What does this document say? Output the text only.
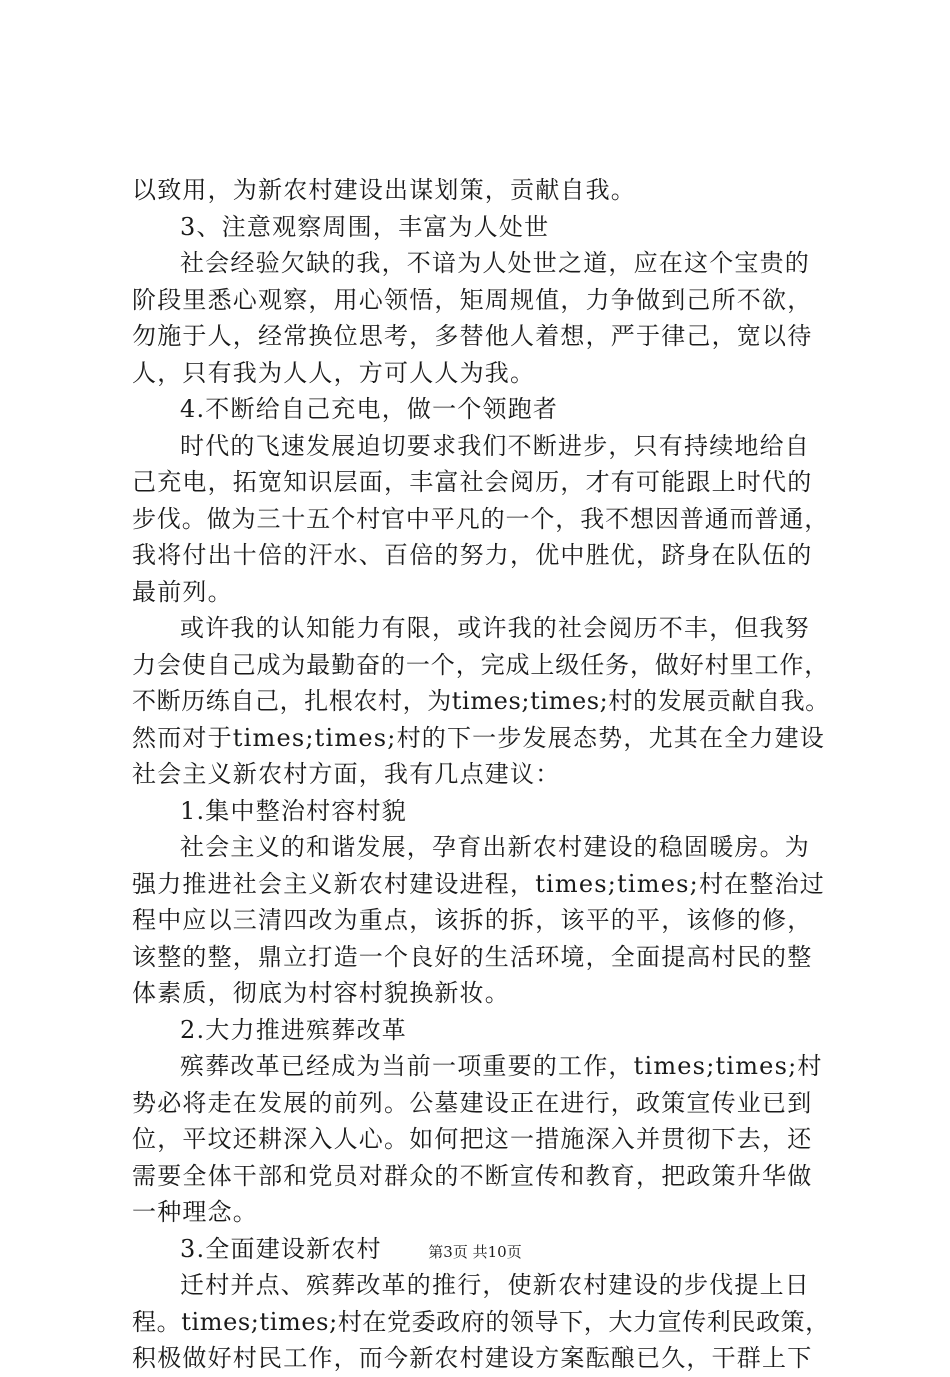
以致用，为新农村建设出谋划策，贡献自我。
3、注意观察周围，丰富为人处世
社会经验欠缺的我，不谙为人处世之道，应在这个宝贵的
阶段里悉心观察，用心领悟，矩周规值，力争做到己所不欲，
勿施于人，经常换位思考，多替他人着想，严于律己，宽以待
人，只有我为人人，方可人人为我。
4.不断给自己充电，做一个领跑者
时代的飞速发展迫切要求我们不断进步，只有持续地给自
己充电，拓宽知识层面，丰富社会阅历，才有可能跟上时代的
步伐。做为三十五个村官中平凡的一个，我不想因普通而普通，
我将付出十倍的汗水、百倍的努力，优中胜优，跻身在队伍的
最前列。
或许我的认知能力有限，或许我的社会阅历不丰，但我努
力会使自己成为最勤奋的一个，完成上级任务，做好村里工作，
不断历练自己，扎根农村，为times;times;村的发展贡献自我。
然而对于times;times;村的下一步发展态势，尤其在全力建设
社会主义新农村方面，我有几点建议：
1.集中整治村容村貌
社会主义的和谐发展，孕育出新农村建设的稳固暖房。为
强力推进社会主义新农村建设进程，times;times;村在整治过
程中应以三清四改为重点，该拆的拆，该平的平，该修的修，
该整的整，鼎立打造一个良好的生活环境，全面提高村民的整
体素质，彻底为村容村貌换新妆。
2.大力推进殡葬改革
殡葬改革已经成为当前一项重要的工作，times;times;村
势必将走在发展的前列。公墓建设正在进行，政策宣传业已到
位，平坟还耕深入人心。如何把这一措施深入并贯彻下去，还
需要全体干部和党员对群众的不断宣传和教育，把政策升华做
一种理念。
3.全面建设新农村
迁村并点、殡葬改革的推行，使新农村建设的步伐提上日
程。times;times;村在党委政府的领导下，大力宣传利民政策，
积极做好村民工作，而今新农村建设方案酝酿已久，干群上下
第3页 共10页
